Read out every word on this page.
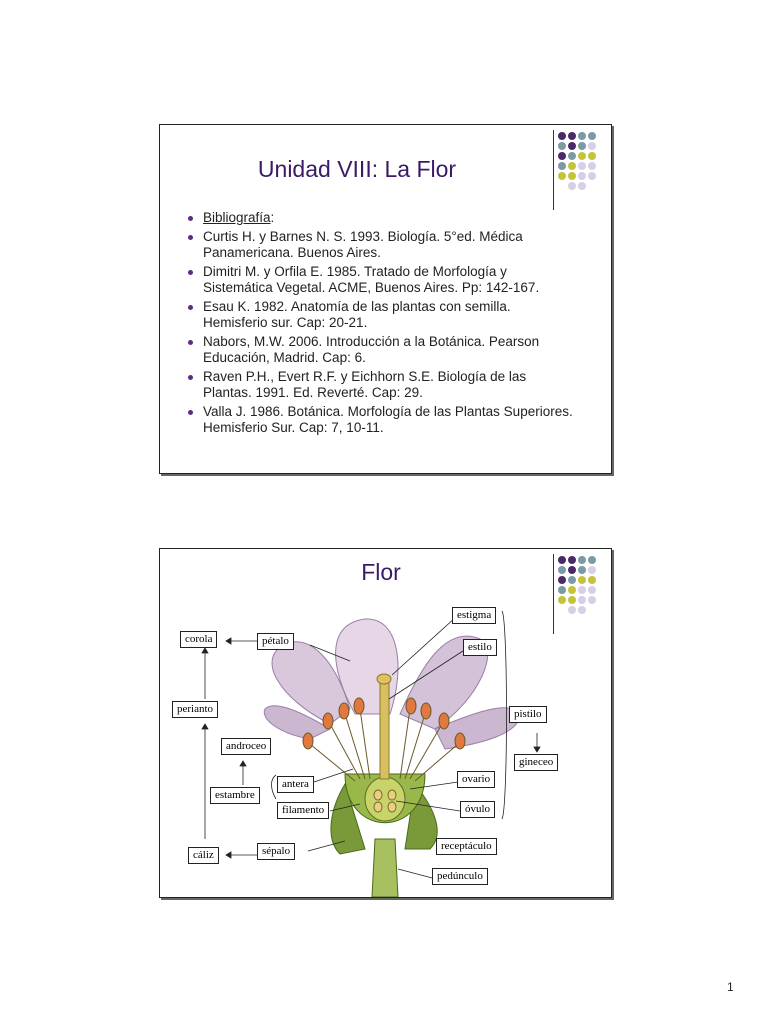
Unidad VIII: La Flor
Bibliografía:
Curtis H. y Barnes N. S. 1993. Biología. 5°ed. Médica Panamericana. Buenos Aires.
Dimitri M. y Orfila E. 1985. Tratado de Morfología y Sistemática Vegetal. ACME, Buenos Aires. Pp: 142-167.
Esau K. 1982. Anatomía de las plantas con semilla. Hemisferio sur. Cap: 20-21.
Nabors, M.W. 2006. Introducción a la Botánica. Pearson Educación, Madrid. Cap: 6.
Raven P.H., Evert R.F. y Eichhorn S.E. Biología de las Plantas. 1991. Ed. Reverté. Cap: 29.
Valla J. 1986. Botánica. Morfología de las Plantas Superiores. Hemisferio Sur. Cap: 7, 10-11.
Flor
corola	pétalo
perianto
androceo
estambre
antera
filamento
cáliz	sépalo
estigma
estilo
pistilo
gineceo
ovario
óvulo
receptáculo
pedúnculo
1
